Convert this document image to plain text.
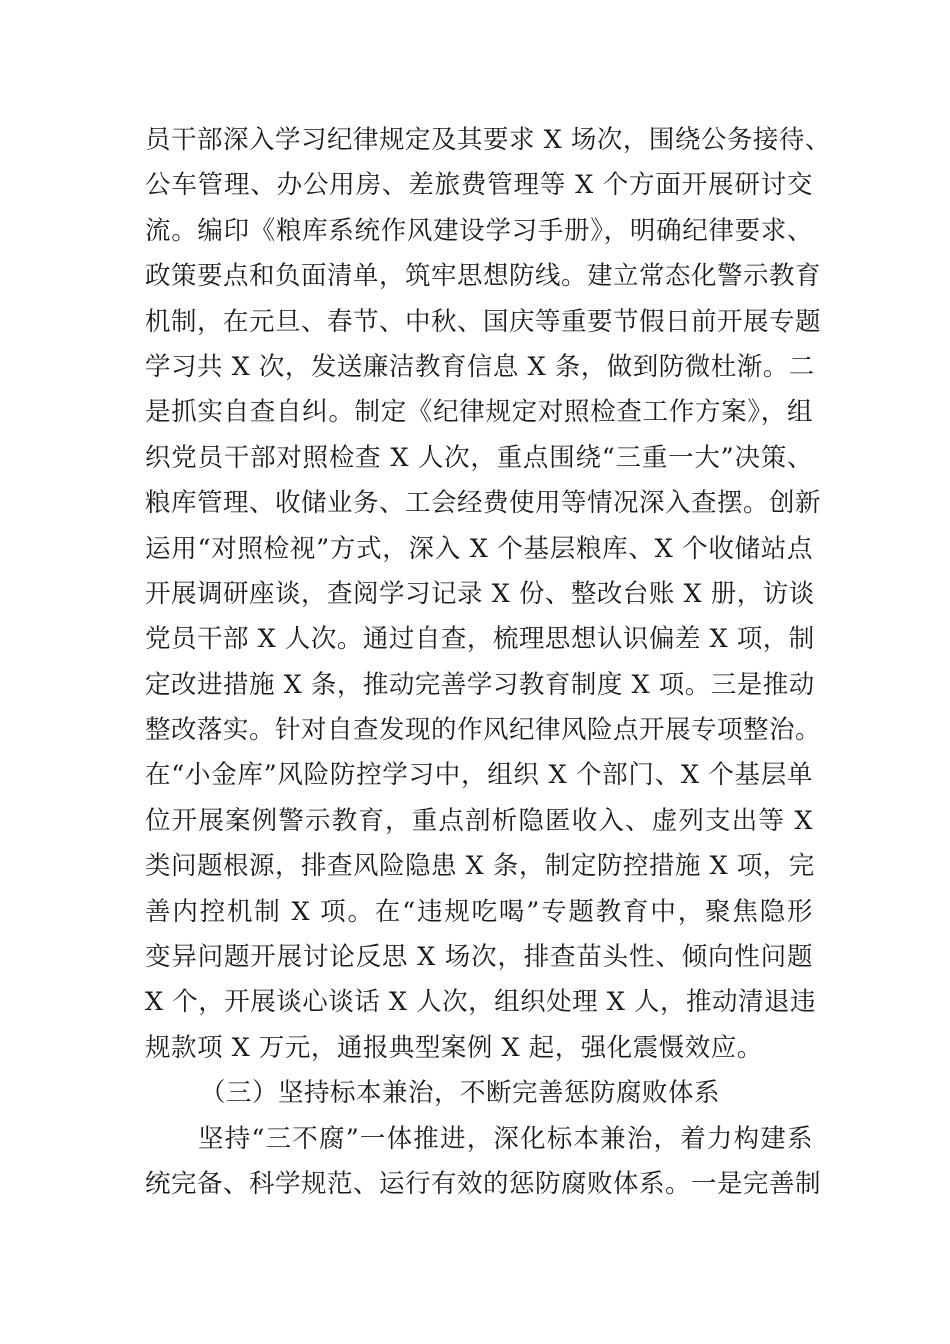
员干部深入学习纪律规定及其要求 X 场次，围绕公务接待、
公车管理、办公用房、差旅费管理等 X 个方面开展研讨交
流。编印《粮库系统作风建设学习手册》，明确纪律要求、
政策要点和负面清单，筑牢思想防线。建立常态化警示教育
机制，在元旦、春节、中秋、国庆等重要节假日前开展专题
学习共 X 次，发送廉洁教育信息 X 条，做到防微杜渐。二
是抓实自查自纠。制定《纪律规定对照检查工作方案》，组
织党员干部对照检查 X 人次，重点围绕“三重一大”决策、
粮库管理、收储业务、工会经费使用等情况深入查摆。创新
运用“对照检视”方式，深入 X 个基层粮库、X 个收储站点
开展调研座谈，查阅学习记录 X 份、整改台账 X 册，访谈
党员干部 X 人次。通过自查，梳理思想认识偏差 X 项，制
定改进措施 X 条，推动完善学习教育制度 X 项。三是推动
整改落实。针对自查发现的作风纪律风险点开展专项整治。
在“小金库”风险防控学习中，组织 X 个部门、X 个基层单
位开展案例警示教育，重点剖析隐匿收入、虚列支出等 X
类问题根源，排查风险隐患 X 条，制定防控措施 X 项，完
善内控机制 X 项。在“违规吃喝”专题教育中，聚焦隐形
变异问题开展讨论反思 X 场次，排查苗头性、倾向性问题
X 个，开展谈心谈话 X 人次，组织处理 X 人，推动清退违
规款项 X 万元，通报典型案例 X 起，强化震慑效应。
（三）坚持标本兼治，不断完善惩防腐败体系
坚持“三不腐”一体推进，深化标本兼治，着力构建系
统完备、科学规范、运行有效的惩防腐败体系。一是完善制
